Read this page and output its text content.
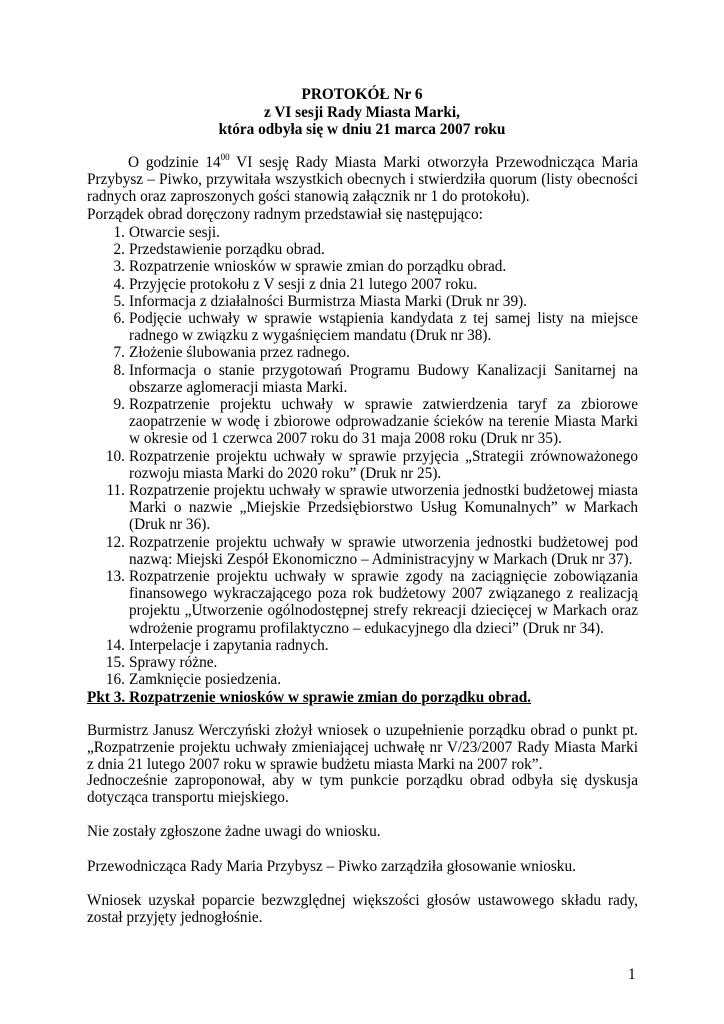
PROTOKÓŁ Nr 6
z VI sesji Rady Miasta Marki,
która odbyła się w dniu 21 marca 2007 roku
O godzinie $14^{00}$ VI sesję Rady Miasta Marki otworzyła Przewodnicząca Maria Przybysz – Piwko, przywitała wszystkich obecnych i stwierdziła quorum (listy obecności radnych oraz zaproszonych gości stanowią załącznik nr 1 do protokołu).
Porządek obrad doręczony radnym przedstawiał się następująco:
1. Otwarcie sesji.
2. Przedstawienie porządku obrad.
3. Rozpatrzenie wniosków w sprawie zmian do porządku obrad.
4. Przyjęcie protokołu z V sesji z dnia 21 lutego 2007 roku.
5. Informacja z działalności Burmistrza Miasta Marki (Druk nr 39).
6. Podjęcie uchwały w sprawie wstąpienia kandydata z tej samej listy na miejsce radnego w związku z wygaśnięciem mandatu (Druk nr 38).
7. Złożenie ślubowania przez radnego.
8. Informacja o stanie przygotowań Programu Budowy Kanalizacji Sanitarnej na obszarze aglomeracji miasta Marki.
9. Rozpatrzenie projektu uchwały w sprawie zatwierdzenia taryf za zbiorowe zaopatrzenie w wodę i zbiorowe odprowadzanie ścieków na terenie Miasta Marki w okresie od 1 czerwca 2007 roku do 31 maja 2008 roku (Druk nr 35).
10. Rozpatrzenie projektu uchwały w sprawie przyjęcia „Strategii zrównoważonego rozwoju miasta Marki do 2020 roku” (Druk nr 25).
11. Rozpatrzenie projektu uchwały w sprawie utworzenia jednostki budżetowej miasta Marki o nazwie „Miejskie Przedsiębiorstwo Usług Komunalnych” w Markach (Druk nr 36).
12. Rozpatrzenie projektu uchwały w sprawie utworzenia jednostki budżetowej pod nazwą: Miejski Zespół Ekonomiczno – Administracyjny w Markach (Druk nr 37).
13. Rozpatrzenie projektu uchwały w sprawie zgody na zaciągnięcie zobowiązania finansowego wykraczającego poza rok budżetowy 2007 związanego z realizacją projektu „Utworzenie ogólnodostępnej strefy rekreacji dziecięcej w Markach oraz wdrożenie programu profilaktyczno – edukacyjnego dla dzieci” (Druk nr 34).
14. Interpelacje i zapytania radnych.
15. Sprawy różne.
16. Zamknięcie posiedzenia.
Pkt 3. Rozpatrzenie wniosków w sprawie zmian do porządku obrad.
Burmistrz Janusz Werczyński złożył wniosek o uzupełnienie porządku obrad o punkt pt. „Rozpatrzenie projektu uchwały zmieniającej uchwałę nr V/23/2007 Rady Miasta Marki z dnia 21 lutego 2007 roku w sprawie budżetu miasta Marki na 2007 rok”.
Jednocześnie zaproponował, aby w tym punkcie porządku obrad odbyła się dyskusja dotycząca transportu miejskiego.
Nie zostały zgłoszone żadne uwagi do wniosku.
Przewodnicząca Rady Maria Przybysz – Piwko zarządziła głosowanie wniosku.
Wniosek uzyskał poparcie bezwzględnej większości głosów ustawowego składu rady, został przyjęty jednogłośnie.
1
